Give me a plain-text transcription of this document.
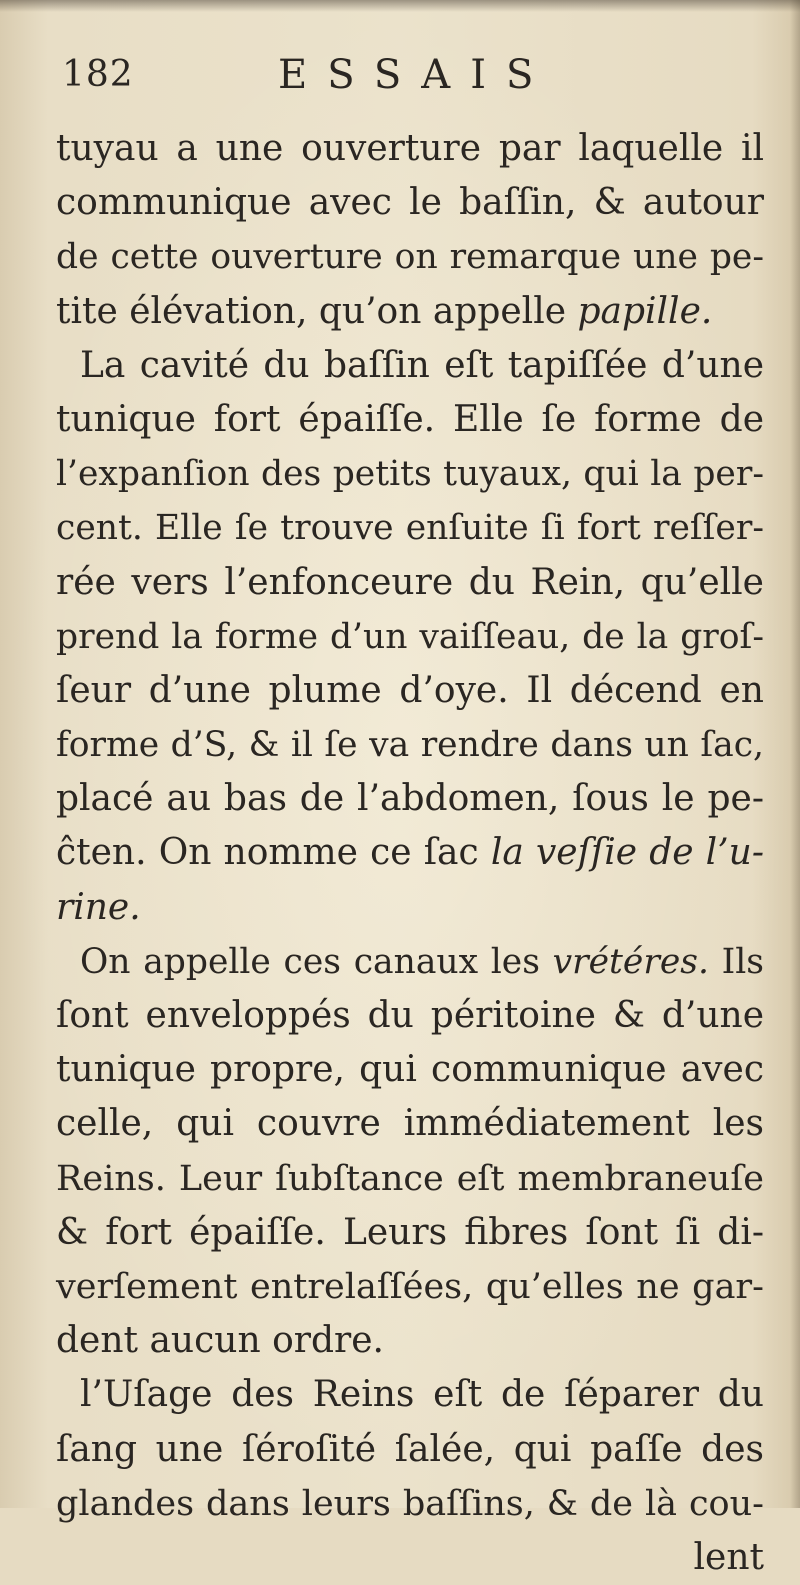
182	ESSAIS
tuyau a une ouverture par laquelle il
communique avec le baſſin, & autour
de cette ouverture on remarque une pe-
tite élévation, qu’on appelle papille.
La cavité du baſſin eſt tapiſſée d’une
tunique fort épaiſſe. Elle ſe forme de
l’expanſion des petits tuyaux, qui la per-
cent. Elle ſe trouve enſuite ſi fort reſſer-
rée vers l’enfonceure du Rein, qu’elle
prend la forme d’un vaiſſeau, de la groſ-
ſeur d’une plume d’oye. Il décend en
forme d’S, & il ſe va rendre dans un ſac,
placé au bas de l’abdomen, ſous le pe-
ĉten. On nomme ce ſac la veſſie de l’u-
rine.
On appelle ces canaux les vrétéres. Ils
ſont enveloppés du péritoine & d’une
tunique propre, qui communique avec
celle, qui couvre immédiatement les
Reins. Leur ſubſtance eſt membraneuſe
& fort épaiſſe. Leurs fibres ſont ſi di-
verſement entrelaſſées, qu’elles ne gar-
dent aucun ordre.
l’Uſage des Reins eſt de ſéparer du
ſang une ſéroſité ſalée, qui paſſe des
glandes dans leurs baſſins, & de là cou-
lent
